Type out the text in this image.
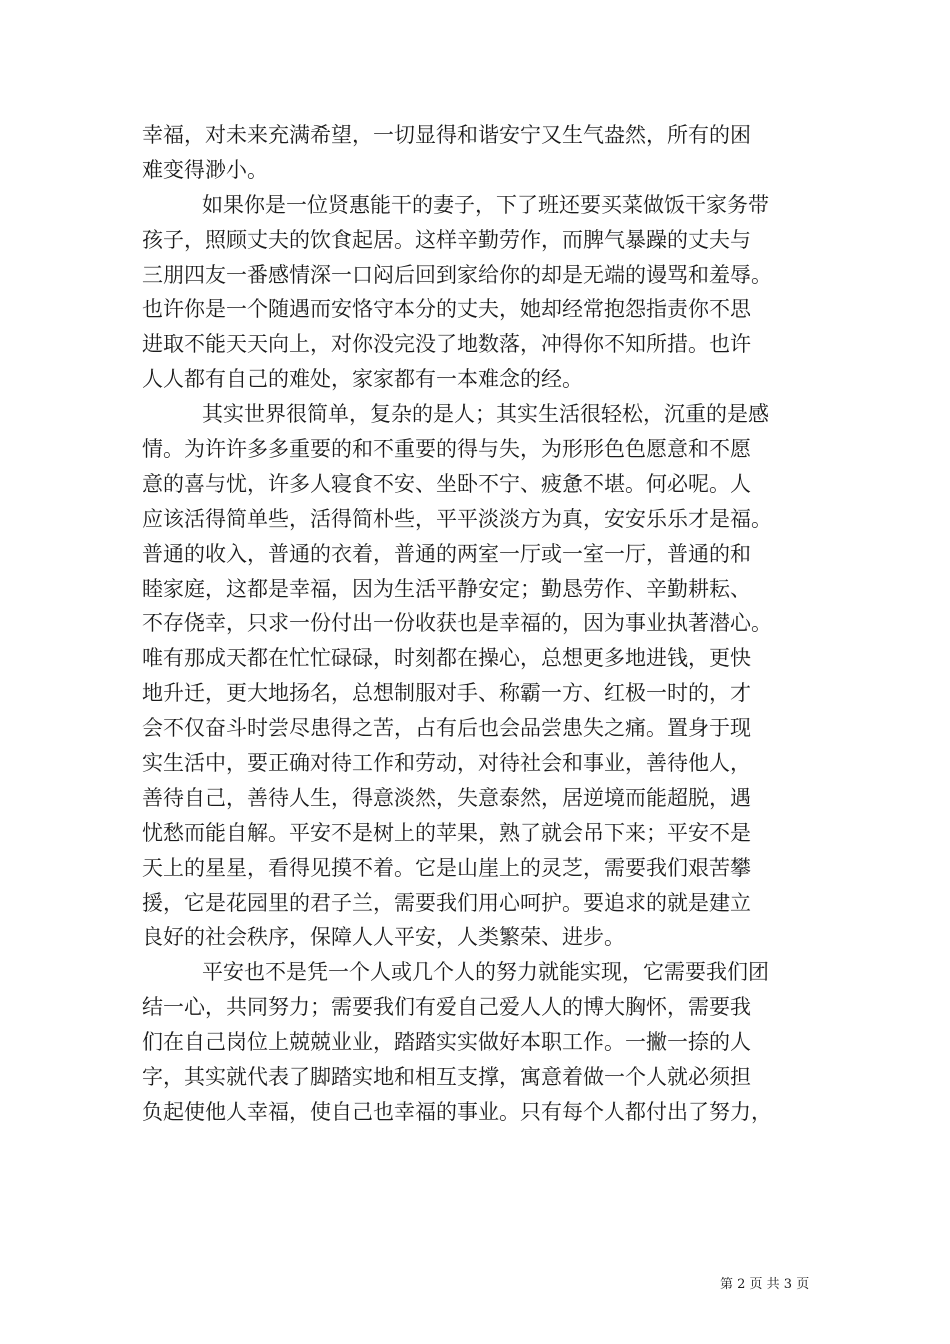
幸福，对未来充满希望，一切显得和谐安宁又生气盎然，所有的困
难变得渺小。
如果你是一位贤惠能干的妻子，下了班还要买菜做饭干家务带
孩子，照顾丈夫的饮食起居。这样辛勤劳作，而脾气暴躁的丈夫与
三朋四友一番感情深一口闷后回到家给你的却是无端的谩骂和羞辱。
也许你是一个随遇而安恪守本分的丈夫，她却经常抱怨指责你不思
进取不能天天向上，对你没完没了地数落，冲得你不知所措。也许
人人都有自己的难处，家家都有一本难念的经。
其实世界很简单，复杂的是人；其实生活很轻松，沉重的是感
情。为许许多多重要的和不重要的得与失，为形形色色愿意和不愿
意的喜与忧，许多人寝食不安、坐卧不宁、疲惫不堪。何必呢。人
应该活得简单些，活得简朴些，平平淡淡方为真，安安乐乐才是福。
普通的收入，普通的衣着，普通的两室一厅或一室一厅，普通的和
睦家庭，这都是幸福，因为生活平静安定；勤恳劳作、辛勤耕耘、
不存侥幸，只求一份付出一份收获也是幸福的，因为事业执著潜心。
唯有那成天都在忙忙碌碌，时刻都在操心，总想更多地进钱，更快
地升迁，更大地扬名，总想制服对手、称霸一方、红极一时的，才
会不仅奋斗时尝尽患得之苦，占有后也会品尝患失之痛。置身于现
实生活中，要正确对待工作和劳动，对待社会和事业，善待他人，
善待自己，善待人生，得意淡然，失意泰然，居逆境而能超脱，遇
忧愁而能自解。平安不是树上的苹果，熟了就会吊下来；平安不是
天上的星星，看得见摸不着。它是山崖上的灵芝，需要我们艰苦攀
援，它是花园里的君子兰，需要我们用心呵护。要追求的就是建立
良好的社会秩序，保障人人平安，人类繁荣、进步。
平安也不是凭一个人或几个人的努力就能实现，它需要我们团
结一心，共同努力；需要我们有爱自己爱人人的博大胸怀，需要我
们在自己岗位上兢兢业业，踏踏实实做好本职工作。一撇一捺的人
字，其实就代表了脚踏实地和相互支撑，寓意着做一个人就必须担
负起使他人幸福，使自己也幸福的事业。只有每个人都付出了努力，
第 2 页 共 3 页
